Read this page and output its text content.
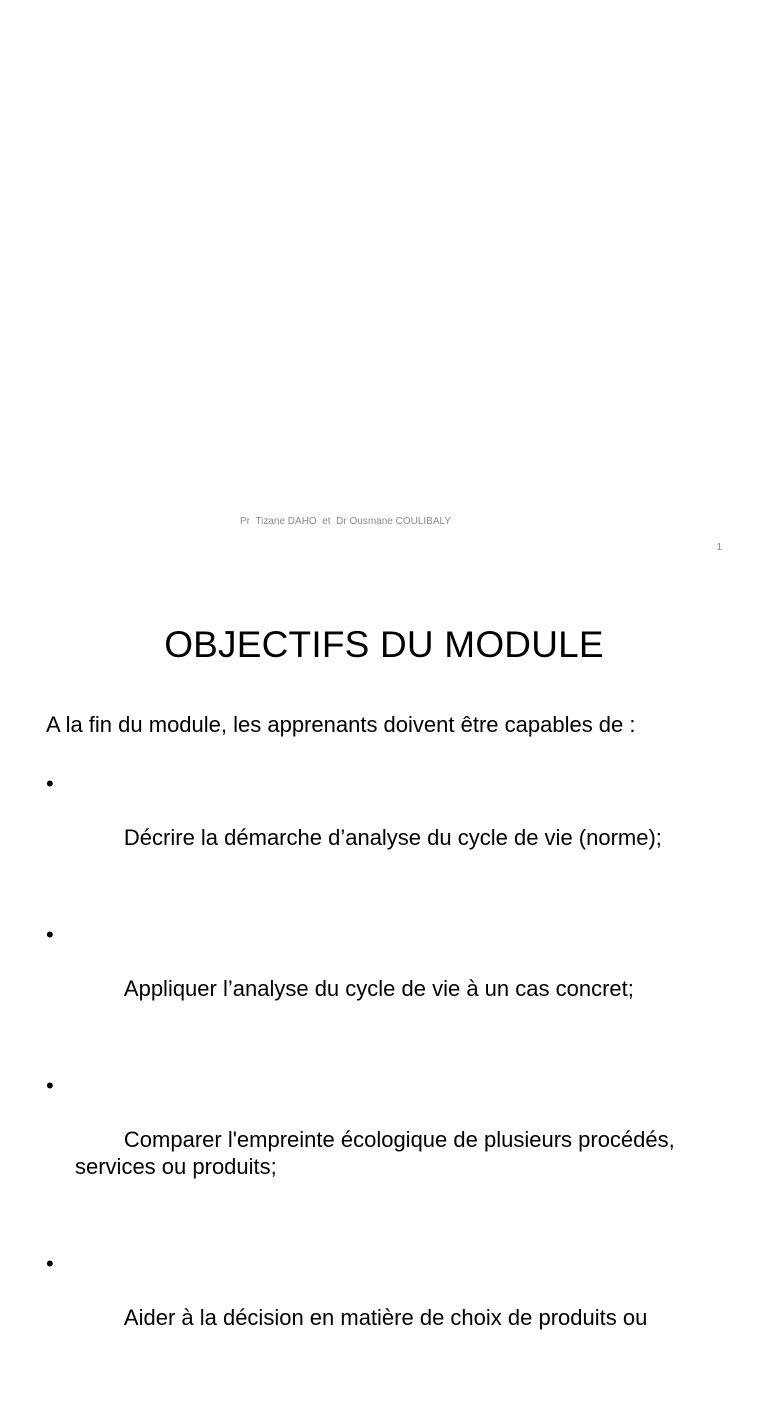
Pr  Tizane DAHO  et  Dr Ousmane COULIBALY
1
OBJECTIFS DU MODULE
A la fin du module, les apprenants doivent être capables de :

•

Décrire la démarche d’analyse du cycle de vie (norme);

•

Appliquer l’analyse du cycle de vie à un cas concret;

•

Comparer l'empreinte écologique de plusieurs procédés, services ou produits;

•

Aider à la décision en matière de choix de produits ou
